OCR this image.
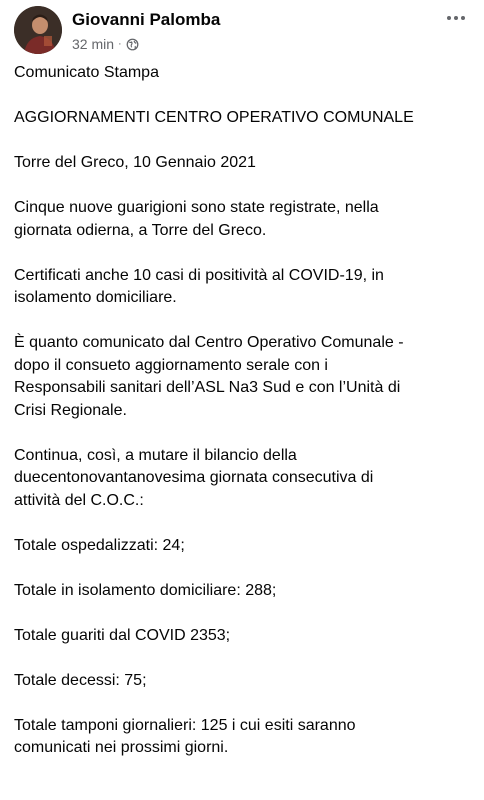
Giovanni Palomba
32 min ·

Comunicato Stampa

AGGIORNAMENTI CENTRO OPERATIVO COMUNALE

Torre del Greco, 10 Gennaio 2021

Cinque nuove guarigioni sono state registrate, nella
giornata odierna, a Torre del Greco.

Certificati anche 10 casi di positività al COVID-19, in
isolamento domiciliare.

È quanto comunicato dal Centro Operativo Comunale -
dopo il consueto aggiornamento serale con i
Responsabili sanitari dell’ASL Na3 Sud e con l’Unità di
Crisi Regionale.

Continua, così, a mutare il bilancio della
duecentonovantanovesima giornata consecutiva di
attività del C.O.C.:

Totale ospedalizzati: 24;

Totale in isolamento domiciliare: 288;

Totale guariti dal COVID 2353;

Totale decessi: 75;

Totale tamponi giornalieri: 125 i cui esiti saranno
comunicati nei prossimi giorni.
